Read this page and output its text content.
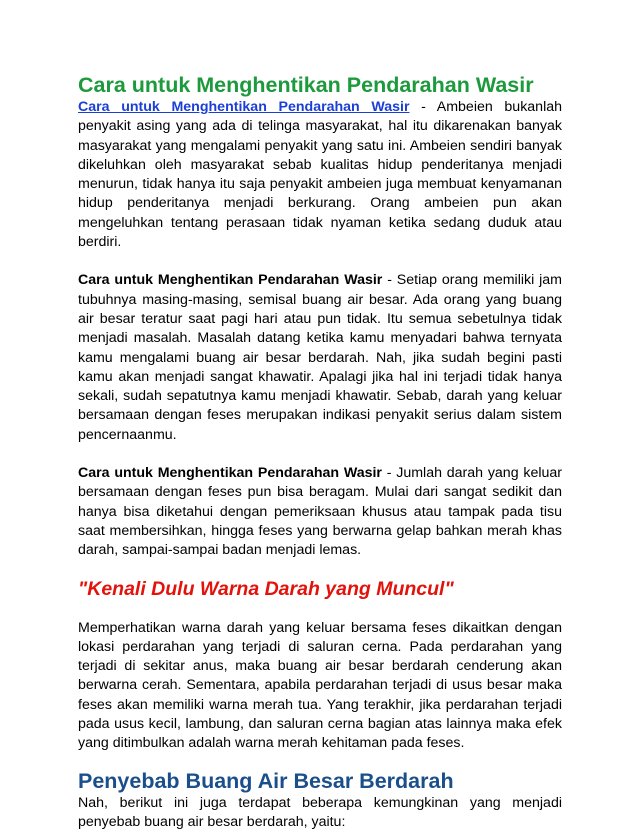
Cara untuk Menghentikan Pendarahan Wasir

Cara untuk Menghentikan Pendarahan Wasir - Ambeien bukanlah penyakit asing yang ada di telinga masyarakat, hal itu dikarenakan banyak masyarakat yang mengalami penyakit yang satu ini. Ambeien sendiri banyak dikeluhkan oleh masyarakat sebab kualitas hidup penderitanya menjadi menurun, tidak hanya itu saja penyakit ambeien juga membuat kenyamanan hidup penderitanya menjadi berkurang. Orang ambeien pun akan mengeluhkan tentang perasaan tidak nyaman ketika sedang duduk atau berdiri.

Cara untuk Menghentikan Pendarahan Wasir - Setiap orang memiliki jam tubuhnya masing-masing, semisal buang air besar. Ada orang yang buang air besar teratur saat pagi hari atau pun tidak. Itu semua sebetulnya tidak menjadi masalah. Masalah datang ketika kamu menyadari bahwa ternyata kamu mengalami buang air besar berdarah. Nah, jika sudah begini pasti kamu akan menjadi sangat khawatir. Apalagi jika hal ini terjadi tidak hanya sekali, sudah sepatutnya kamu menjadi khawatir. Sebab, darah yang keluar bersamaan dengan feses merupakan indikasi penyakit serius dalam sistem pencernaanmu.

Cara untuk Menghentikan Pendarahan Wasir - Jumlah darah yang keluar bersamaan dengan feses pun bisa beragam. Mulai dari sangat sedikit dan hanya bisa diketahui dengan pemeriksaan khusus atau tampak pada tisu saat membersihkan, hingga feses yang berwarna gelap bahkan merah khas darah, sampai-sampai badan menjadi lemas.

"Kenali Dulu Warna Darah yang Muncul"

Memperhatikan warna darah yang keluar bersama feses dikaitkan dengan lokasi perdarahan yang terjadi di saluran cerna. Pada perdarahan yang terjadi di sekitar anus, maka buang air besar berdarah cenderung akan berwarna cerah. Sementara, apabila perdarahan terjadi di usus besar maka feses akan memiliki warna merah tua. Yang terakhir, jika perdarahan terjadi pada usus kecil, lambung, dan saluran cerna bagian atas lainnya maka efek yang ditimbulkan adalah warna merah kehitaman pada feses.

Penyebab Buang Air Besar Berdarah

Nah, berikut ini juga terdapat beberapa kemungkinan yang menjadi penyebab buang air besar berdarah, yaitu:
